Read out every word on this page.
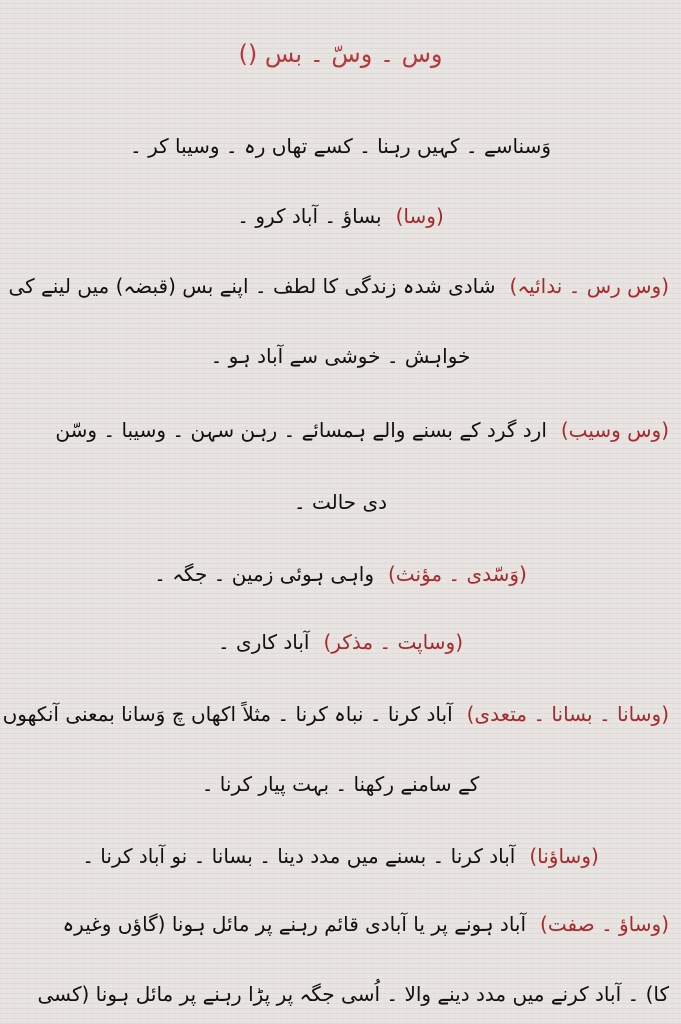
وس ۔ وسّ ۔ بس ()
وَسناسے ۔ کہیں رہنا ۔ کسے تھاں رہ ۔ وسیبا کر ۔
(وسا)بساؤ ۔ آباد کرو ۔
(وس رس ۔ ندائیہ)شادی شدہ زندگی کا لطف ۔ اپنے بس (قبضہ) میں لینے کی
خواہش ۔ خوشی سے آباد ہو ۔
(وس وسیب)ارد گرد کے بسنے والے ہمسائے ۔ رہن سہن ۔ وسیبا ۔ وسّن
دی حالت ۔
(وَسّدی ۔ مؤنث)واہی ہوئی زمین ۔ جگہ ۔
(وساپت ۔ مذکر)آباد کاری ۔
(وسانا ۔ بسانا ۔ متعدی)آباد کرنا ۔ نباہ کرنا ۔ مثلاً اکھاں چ وَسانا بمعنی آنکھوں
کے سامنے رکھنا ۔ بہت پیار کرنا ۔
(وساؤنا)آباد کرنا ۔ بسنے میں مدد دینا ۔ بسانا ۔ نو آباد کرنا ۔
(وساؤ ۔ صفت)آباد ہونے پر یا آبادی قائم رہنے پر مائل ہونا (گاؤں وغیرہ
کا) ۔ آباد کرنے میں مدد دینے والا ۔ اُسی جگہ پر پڑا رہنے پر مائل ہونا (کسی
